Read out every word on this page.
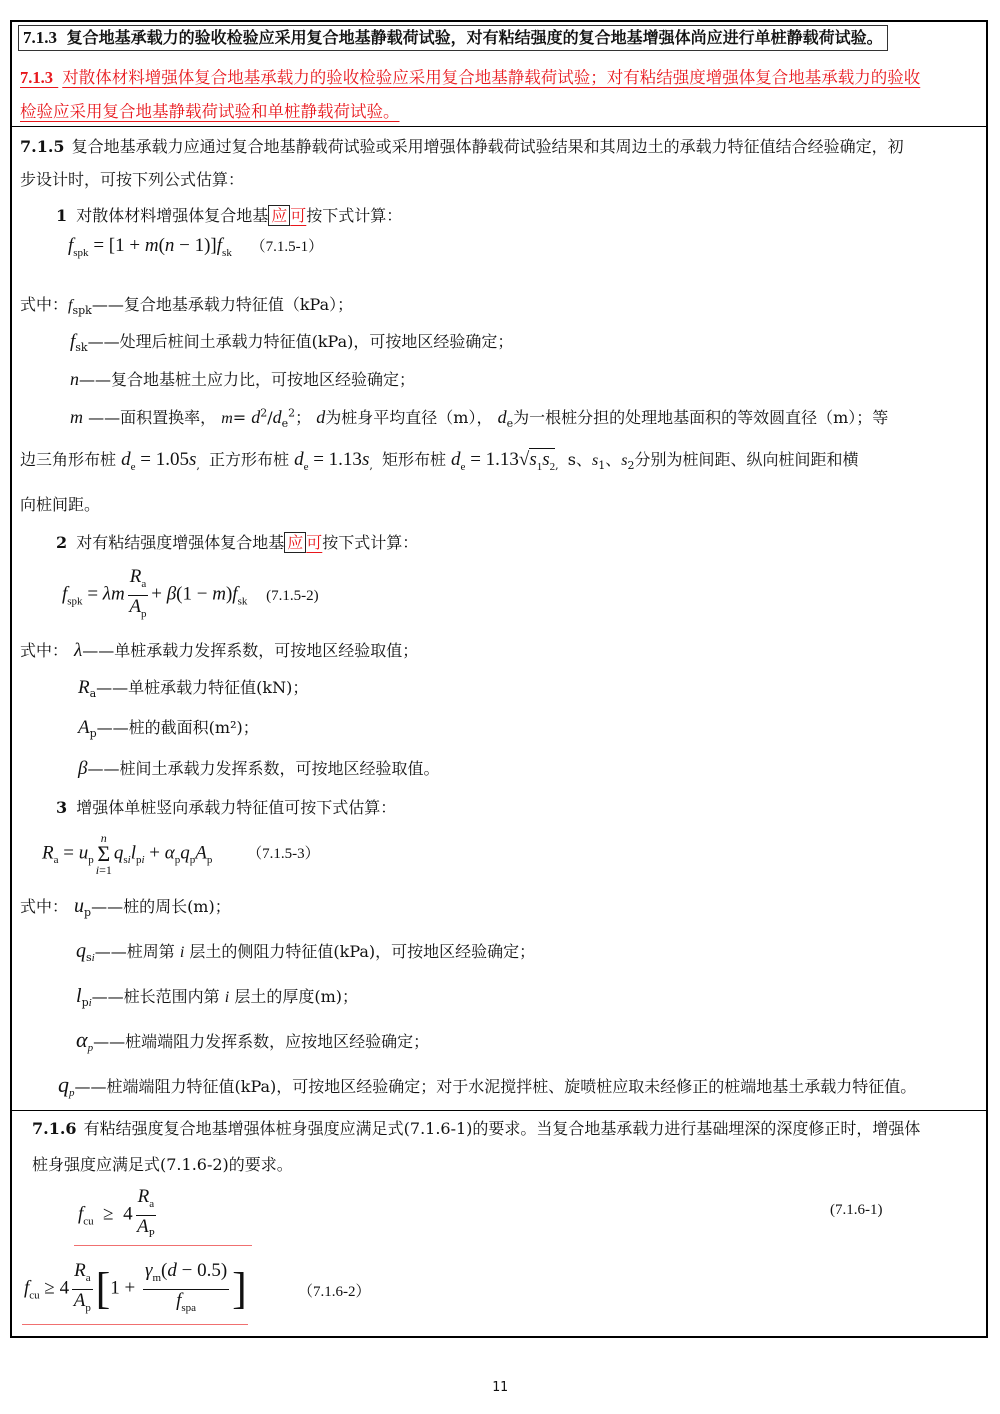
7.1.3 复合地基承载力的验收检验应采用复合地基静载荷试验，对有粘结强度的复合地基增强体尚应进行单桩静载荷试验。
7.1.3 对散体材料增强体复合地基承载力的验收检验应采用复合地基静载荷试验；对有粘结强度增强体复合地基承载力的验收
检验应采用复合地基静载荷试验和单桩静载荷试验。
7.1.5 复合地基承载力应通过复合地基静载荷试验或采用增强体静载荷试验结果和其周边土的承载力特征值结合经验确定，初
步设计时，可按下列公式估算：
1 对散体材料增强体复合地基 应 可按下式计算：
$f_{spk} = [1 + m(n - 1)]f_{sk}$ （7.1.5-1）
式中：$f_{spk}——$复合地基承载力特征值（kPa）；
$f_{sk}——$处理后桩间土承载力特征值(kPa)，可按地区经验确定；
n——复合地基桩土应力比，可按地区经验确定；
m ——面积置换率， $m= d^2/d_e^2$； d为桩身平均直径（m）， $d_e$为一根桩分担的处理地基面积的等效圆直径（m）；等
边三角形布桩 $d_e = 1.05s_,$ 正方形布桩 $d_e = 1.13s_,$ 矩形布桩 $d_e = 1.13√s_1s_{2,}$ s、$s_1$、$s_2$分别为桩间距、纵向桩间距和横
向桩间距。
2 对有粘结强度增强体复合地基 应 可按下式计算：
$f_{spk} = \lambda m \frac{R_a}{A_p} + \beta(1 - m)f_{sk}$ (7.1.5-2)
式中： λ——单桩承载力发挥系数，可按地区经验取值；
$R_a——$单桩承载力特征值(kN)；
$A_p——$桩的截面积(m²)；
β——桩间土承载力发挥系数，可按地区经验取值。
3 增强体单桩竖向承载力特征值可按下式估算：
$R_a = u_pn$
Σ
$i=1q_{si}l_{pi} + \alpha_pq_pA_p$ （7.1.5-3）
式中： $u_p——$桩的周长(m)；
$q_{si}——$桩周第 i 层土的侧阻力特征值(kPa)，可按地区经验确定；
$l_{pi}——$桩长范围内第 i 层土的厚度(m)；
$\alpha_p——$桩端端阻力发挥系数，应按地区经验确定；
$q_p——$桩端端阻力特征值(kPa)，可按地区经验确定；对于水泥搅拌桩、旋喷桩应取未经修正的桩端地基土承载力特征值。
7.1.6 有粘结强度复合地基增强体桩身强度应满足式(7.1.6-1)的要求。当复合地基承载力进行基础埋深的深度修正时，增强体
桩身强度应满足式(7.1.6-2)的要求。
$f_{cu} \ge 4 \frac{R_a}{A_P}$	(7.1.6-1)
$f_{cu} \ge 4 \frac{R_a}{A_p} [1 + \frac{\gamma_m(d - 0.5)}{f_{spa}}$ ]	（7.1.6-2）
11
